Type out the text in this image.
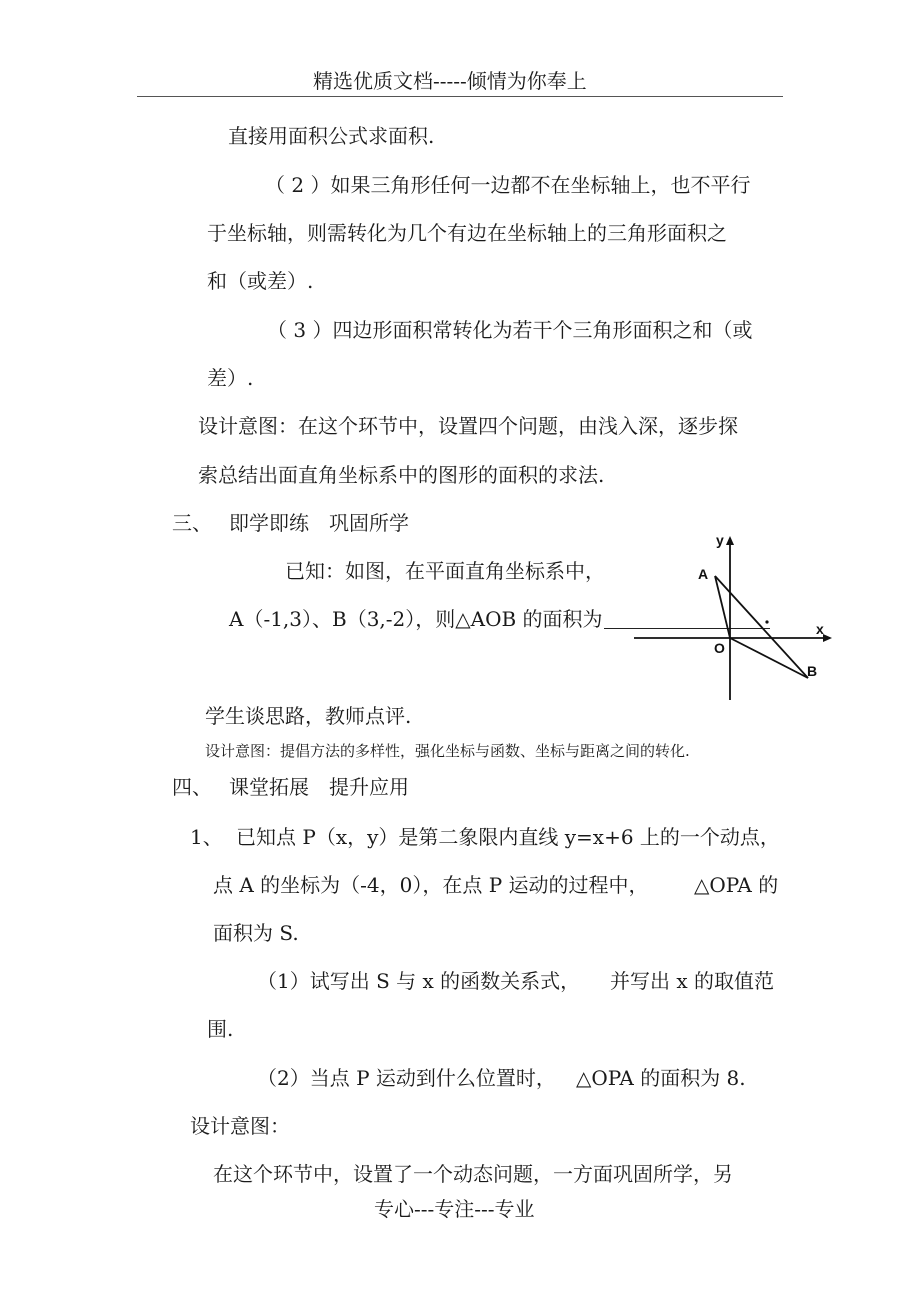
精选优质文档-----倾情为你奉上
直接用面积公式求面积.
（ 2 ）如果三角形任何一边都不在坐标轴上，也不平行
于坐标轴，则需转化为几个有边在坐标轴上的三角形面积之
和（或差）.
（ 3 ）四边形面积常转化为若干个三角形面积之和（或
差）.
设计意图：在这个环节中，设置四个问题，由浅入深，逐步探
索总结出面直角坐标系中的图形的面积的求法.
三、 即学即练　巩固所学
已知：如图，在平面直角坐标系中，
A（-1,3）、B（3,-2），则△AOB 的面积为
y
x
A
O
B
学生谈思路，教师点评.
设计意图：提倡方法的多样性，强化坐标与函数、坐标与距离之间的转化.
四、 课堂拓展　提升应用
1、 已知点 P（x，y）是第二象限内直线 y=x+6 上的一个动点，
点 A 的坐标为（-4，0），在点 P 运动的过程中， △OPA 的
面积为 S.
（1）试写出 S 与 x 的函数关系式， 并写出 x 的取值范
围.
（2）当点 P 运动到什么位置时， △OPA 的面积为 8.
设计意图：
在这个环节中，设置了一个动态问题，一方面巩固所学，另
专心---专注---专业
